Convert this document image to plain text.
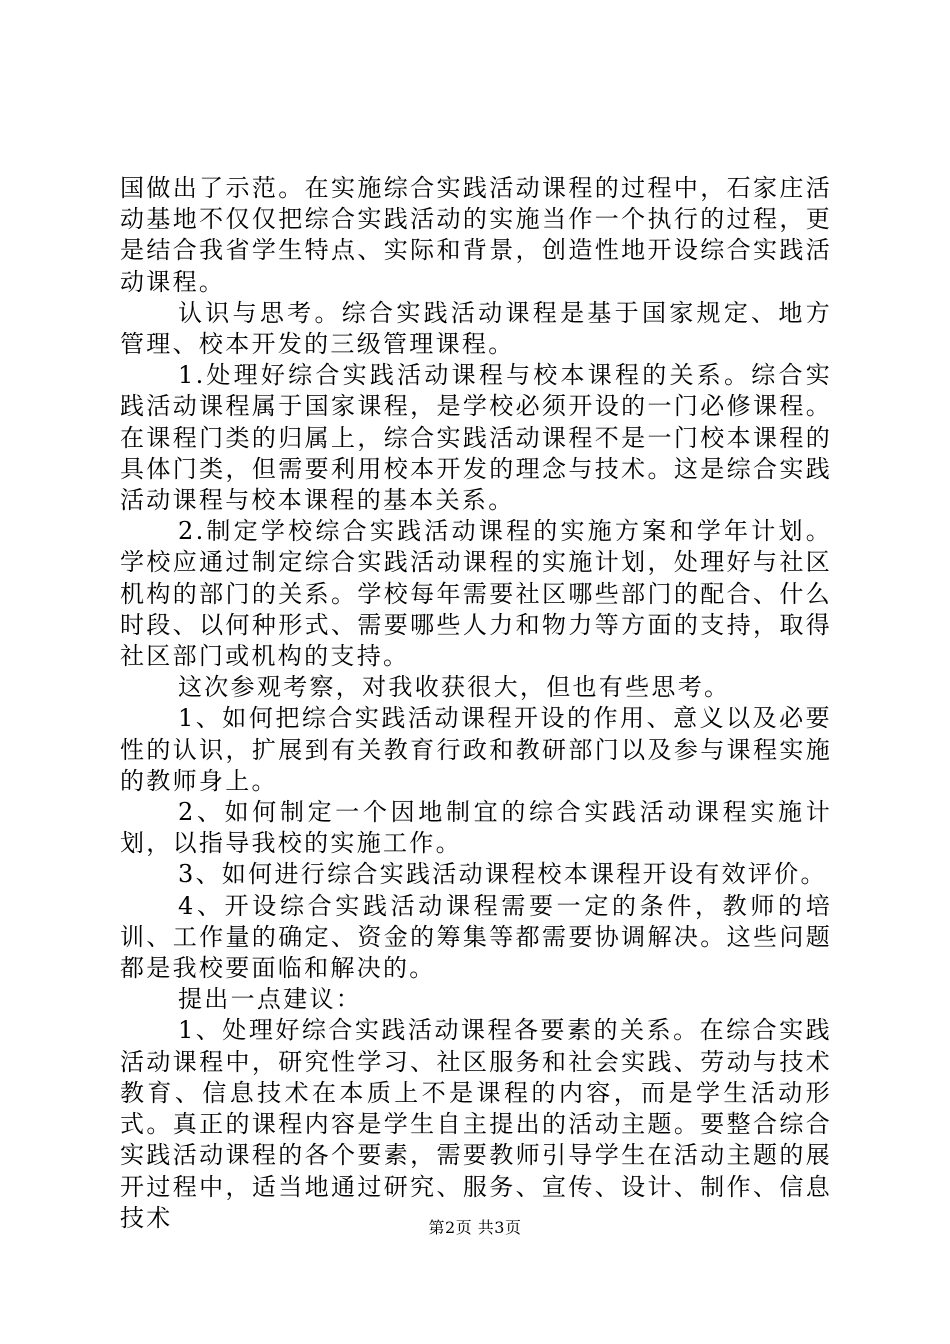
国做出了示范。在实施综合实践活动课程的过程中，石家庄活动基地不仅仅把综合实践活动的实施当作一个执行的过程，更是结合我省学生特点、实际和背景，创造性地开设综合实践活动课程。

认识与思考。综合实践活动课程是基于国家规定、地方管理、校本开发的三级管理课程。

1.处理好综合实践活动课程与校本课程的关系。综合实践活动课程属于国家课程，是学校必须开设的一门必修课程。在课程门类的归属上，综合实践活动课程不是一门校本课程的具体门类，但需要利用校本开发的理念与技术。这是综合实践活动课程与校本课程的基本关系。

2.制定学校综合实践活动课程的实施方案和学年计划。学校应通过制定综合实践活动课程的实施计划，处理好与社区机构的部门的关系。学校每年需要社区哪些部门的配合、什么时段、以何种形式、需要哪些人力和物力等方面的支持，取得社区部门或机构的支持。

这次参观考察，对我收获很大，但也有些思考。

1、如何把综合实践活动课程开设的作用、意义以及必要性的认识，扩展到有关教育行政和教研部门以及参与课程实施的教师身上。

2、如何制定一个因地制宜的综合实践活动课程实施计划，以指导我校的实施工作。

3、如何进行综合实践活动课程校本课程开设有效评价。

4、开设综合实践活动课程需要一定的条件，教师的培训、工作量的确定、资金的筹集等都需要协调解决。这些问题都是我校要面临和解决的。

提出一点建议：

1、处理好综合实践活动课程各要素的关系。在综合实践活动课程中，研究性学习、社区服务和社会实践、劳动与技术教育、信息技术在本质上不是课程的内容，而是学生活动形式。真正的课程内容是学生自主提出的活动主题。要整合综合实践活动课程的各个要素，需要教师引导学生在活动主题的展开过程中，适当地通过研究、服务、宣传、设计、制作、信息技术	第2页 共3页
